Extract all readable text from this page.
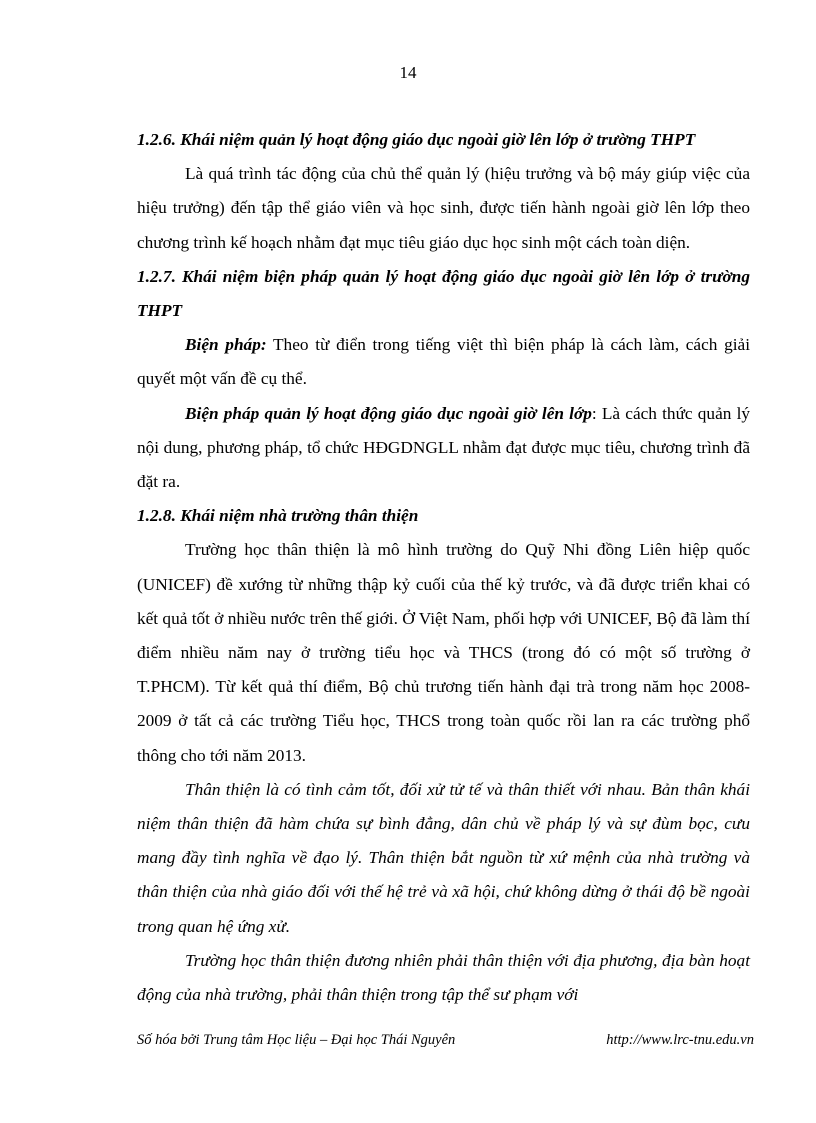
14

1.2.6. Khái niệm quản lý hoạt động giáo dục ngoài giờ lên lớp ở trường THPT

Là quá trình tác động của chủ thể quản lý (hiệu trưởng và bộ máy giúp việc của hiệu trưởng) đến tập thể giáo viên và học sinh, được tiến hành ngoài giờ lên lớp theo chương trình kế hoạch nhằm đạt mục tiêu giáo dục học sinh một cách toàn diện.

1.2.7. Khái niệm biện pháp quản lý hoạt động giáo dục ngoài giờ lên lớp ở trường THPT

Biện pháp: Theo từ điển trong tiếng việt thì biện pháp là cách làm, cách giải quyết một vấn đề cụ thể.

Biện pháp quản lý hoạt động giáo dục ngoài giờ lên lớp: Là cách thức quản lý nội dung, phương pháp, tổ chức HĐGDNGLL nhằm đạt được mục tiêu, chương trình đã đặt ra.

1.2.8. Khái niệm nhà trường thân thiện

Trường học thân thiện là mô hình trường do Quỹ Nhi đồng Liên hiệp quốc (UNICEF) đề xướng từ những thập kỷ cuối của thế kỷ trước, và đã được triển khai có kết quả tốt ở nhiều nước trên thế giới. Ở Việt Nam, phối hợp với UNICEF, Bộ đã làm thí điểm nhiều năm nay ở trường tiểu học và THCS (trong đó có một số trường ở T.PHCM). Từ kết quả thí điểm, Bộ chủ trương tiến hành đại trà trong năm học 2008- 2009 ở tất cả các trường Tiểu học, THCS trong toàn quốc rồi lan ra các trường phổ thông cho tới năm 2013.

Thân thiện là có tình cảm tốt, đối xử tử tế và thân thiết với nhau. Bản thân khái niệm thân thiện đã hàm chứa sự bình đẳng, dân chủ về pháp lý và sự đùm bọc, cưu mang đầy tình nghĩa về đạo lý. Thân thiện bắt nguồn từ xứ mệnh của nhà trường và thân thiện của nhà giáo đối với thế hệ trẻ và xã hội, chứ không dừng ở thái độ bề ngoài trong quan hệ ứng xử.

Trường học thân thiện đương nhiên phải thân thiện với địa phương, địa bàn hoạt động của nhà trường, phải thân thiện trong tập thể sư phạm với

Số hóa bởi Trung tâm Học liệu – Đại học Thái Nguyên	http://www.lrc-tnu.edu.vn
